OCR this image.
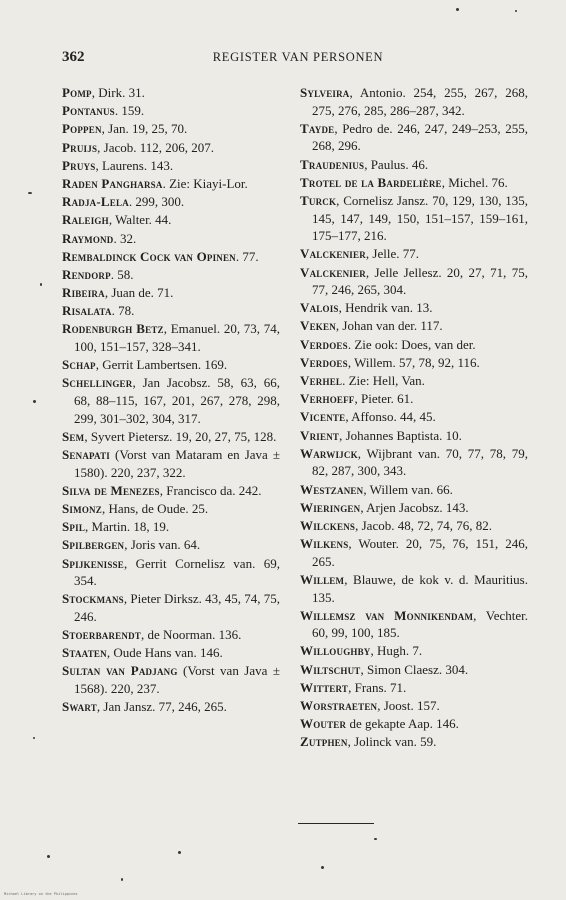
362	REGISTER VAN PERSONEN
Pomp, Dirk. 31.
Pontanus. 159.
Poppen, Jan. 19, 25, 70.
Pruijs, Jacob. 112, 206, 207.
Pruys, Laurens. 143.
Raden Pangharsa. Zie: Kiayi-Lor.
Radja-Lela. 299, 300.
Raleigh, Walter. 44.
Raymond. 32.
Rembaldinck Cock van Opinen. 77.
Rendorp. 58.
Ribeira, Juan de. 71.
Risalata. 78.
Rodenburgh Betz, Emanuel. 20, 73, 74, 100, 151–157, 328–341.
Schap, Gerrit Lambertsen. 169.
Schellinger, Jan Jacobsz. 58, 63, 66, 68, 88–115, 167, 201, 267, 278, 298, 299, 301–302, 304, 317.
Sem, Syvert Pietersz. 19, 20, 27, 75, 128.
Senapati (Vorst van Mataram en Java ± 1580). 220, 237, 322.
Silva de Menezes, Francisco da. 242.
Simonz, Hans, de Oude. 25.
Spil, Martin. 18, 19.
Spilbergen, Joris van. 64.
Spijkenisse, Gerrit Cornelisz van. 69, 354.
Stockmans, Pieter Dirksz. 43, 45, 74, 75, 246.
Stoerbarendt, de Noorman. 136.
Staaten, Oude Hans van. 146.
Sultan van Padjang (Vorst van Java ± 1568). 220, 237.
Swart, Jan Jansz. 77, 246, 265.
Sylveira, Antonio. 254, 255, 267, 268, 275, 276, 285, 286–287, 342.
Tayde, Pedro de. 246, 247, 249–253, 255, 268, 296.
Traudenius, Paulus. 46.
Trotel de la Bardelière, Michel. 76.
Turck, Cornelisz Jansz. 70, 129, 130, 135, 145, 147, 149, 150, 151–157, 159–161, 175–177, 216.
Valckenier, Jelle. 77.
Valckenier, Jelle Jellesz. 20, 27, 71, 75, 77, 246, 265, 304.
Valois, Hendrik van. 13.
Veken, Johan van der. 117.
Verdoes. Zie ook: Does, van der.
Verdoes, Willem. 57, 78, 92, 116.
Verhel. Zie: Hell, Van.
Verhoeff, Pieter. 61.
Vicente, Affonso. 44, 45.
Vrient, Johannes Baptista. 10.
Warwijck, Wijbrant van. 70, 77, 78, 79, 82, 287, 300, 343.
Westzanen, Willem van. 66.
Wieringen, Arjen Jacobsz. 143.
Wilckens, Jacob. 48, 72, 74, 76, 82.
Wilkens, Wouter. 20, 75, 76, 151, 246, 265.
Willem, Blauwe, de kok v. d. Mauritius. 135.
Willemsz van Monnikendam, Vechter. 60, 99, 100, 185.
Willoughby, Hugh. 7.
Wiltschut, Simon Claesz. 304.
Wittert, Frans. 71.
Worstraeten, Joost. 157.
Wouter de gekapte Aap. 146.
Zutphen, Jolinck van. 59.
Michael Library on the Philippines
